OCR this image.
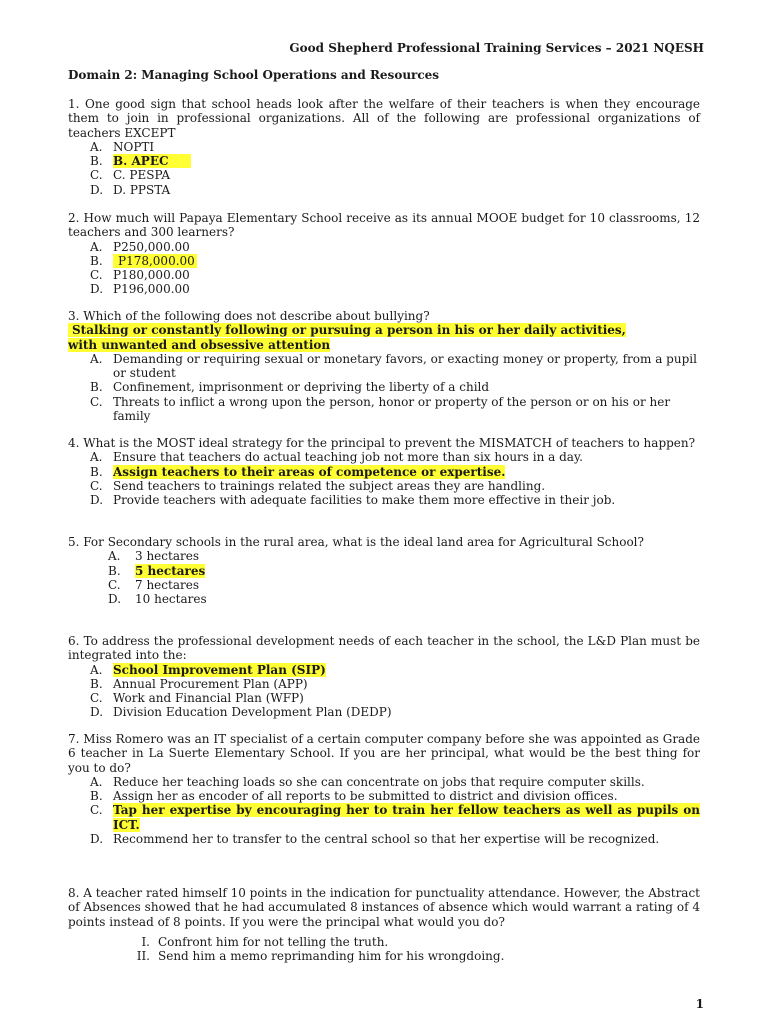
Good Shepherd Professional Training Services – 2021 NQESH
Domain 2: Managing School Operations and Resources
1. One good sign that school heads look after the welfare of their teachers is when they encourage them to join in professional organizations. All of the following are professional organizations of teachers EXCEPT
A. NOPTI
B. B. APEC
C. C. PESPA
D. D. PPSTA
2. How much will Papaya Elementary School receive as its annual MOOE budget for 10 classrooms, 12 teachers and 300 learners?
A. P250,000.00
B. P178,000.00
C. P180,000.00
D. P196,000.00
3. Which of the following does not describe about bullying?
Stalking or constantly following or pursuing a person in his or her daily activities,
with unwanted and obsessive attention
A. Demanding or requiring sexual or monetary favors, or exacting money or property, from a pupil or student
B. Confinement, imprisonment or depriving the liberty of a child
C. Threats to inflict a wrong upon the person, honor or property of the person or on his or her family
4. What is the MOST ideal strategy for the principal to prevent the MISMATCH of teachers to happen?
A. Ensure that teachers do actual teaching job not more than six hours in a day.
B. Assign teachers to their areas of competence or expertise.
C. Send teachers to trainings related the subject areas they are handling.
D. Provide teachers with adequate facilities to make them more effective in their job.
5. For Secondary schools in the rural area, what is the ideal land area for Agricultural School?
A. 3 hectares
B. 5 hectares
C. 7 hectares
D. 10 hectares
6. To address the professional development needs of each teacher in the school, the L&D Plan must be integrated into the:
A. School Improvement Plan (SIP)
B. Annual Procurement Plan (APP)
C. Work and Financial Plan (WFP)
D. Division Education Development Plan (DEDP)
7. Miss Romero was an IT specialist of a certain computer company before she was appointed as Grade 6 teacher in La Suerte Elementary School. If you are her principal, what would be the best thing for you to do?
A. Reduce her teaching loads so she can concentrate on jobs that require computer skills.
B. Assign her as encoder of all reports to be submitted to district and division offices.
C. Tap her expertise by encouraging her to train her fellow teachers as well as pupils on ICT.
D. Recommend her to transfer to the central school so that her expertise will be recognized.
8. A teacher rated himself 10 points in the indication for punctuality attendance. However, the Abstract of Absences showed that he had accumulated 8 instances of absence which would warrant a rating of 4 points instead of 8 points. If you were the principal what would you do?
I. Confront him for not telling the truth.
II. Send him a memo reprimanding him for his wrongdoing.
1
